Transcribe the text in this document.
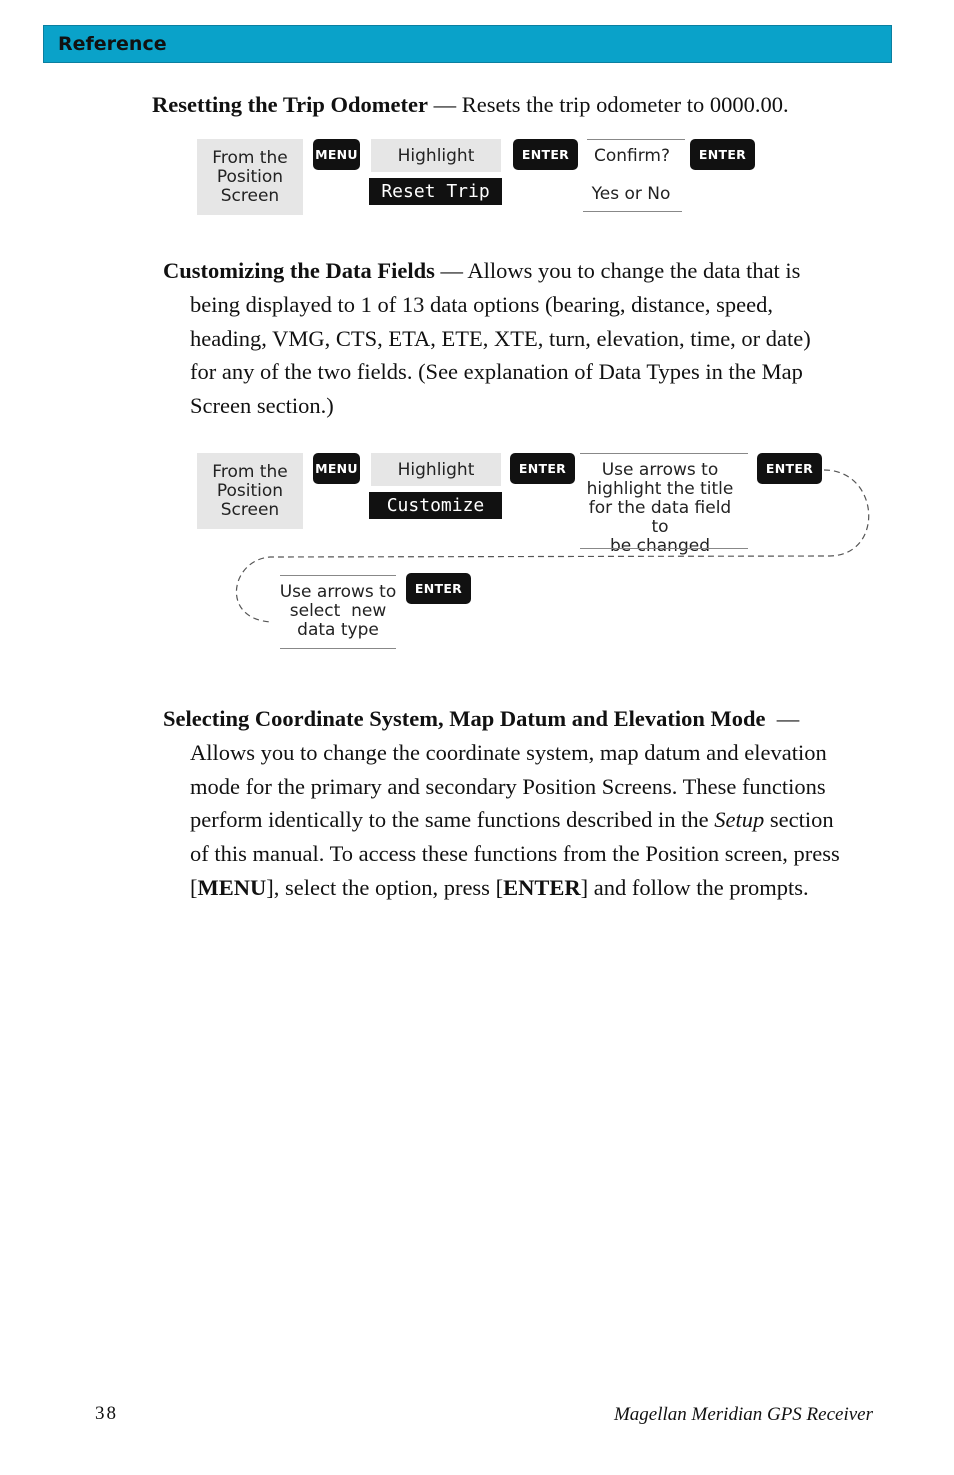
Reference
Resetting the Trip Odometer — Resets the trip odometer to 0000.00.
From the
Position
Screen
MENU	Highlight
Reset Trip
ENTER	Confirm?
Yes or No
ENTER
Customizing the Data Fields — Allows you to change the data that is
being displayed to 1 of 13 data options (bearing, distance, speed,
heading, VMG, CTS, ETA, ETE, XTE, turn, elevation, time, or date)
for any of the two fields. (See explanation of Data Types in the Map
Screen section.)
From the
Position
Screen
MENU	Highlight
Customize
ENTER	Use arrows to
highlight the title
for the data field to
be changed
ENTER
Use arrows to
select  new
data type
ENTER
Selecting Coordinate System, Map Datum and Elevation Mode  —
Allows you to change the coordinate system, map datum and elevation
mode for the primary and secondary Position Screens. These functions
perform identically to the same functions described in the Setup section
of this manual. To access these functions from the Position screen, press
[MENU], select the option, press [ENTER] and follow the prompts.
38	Magellan Meridian GPS Receiver
